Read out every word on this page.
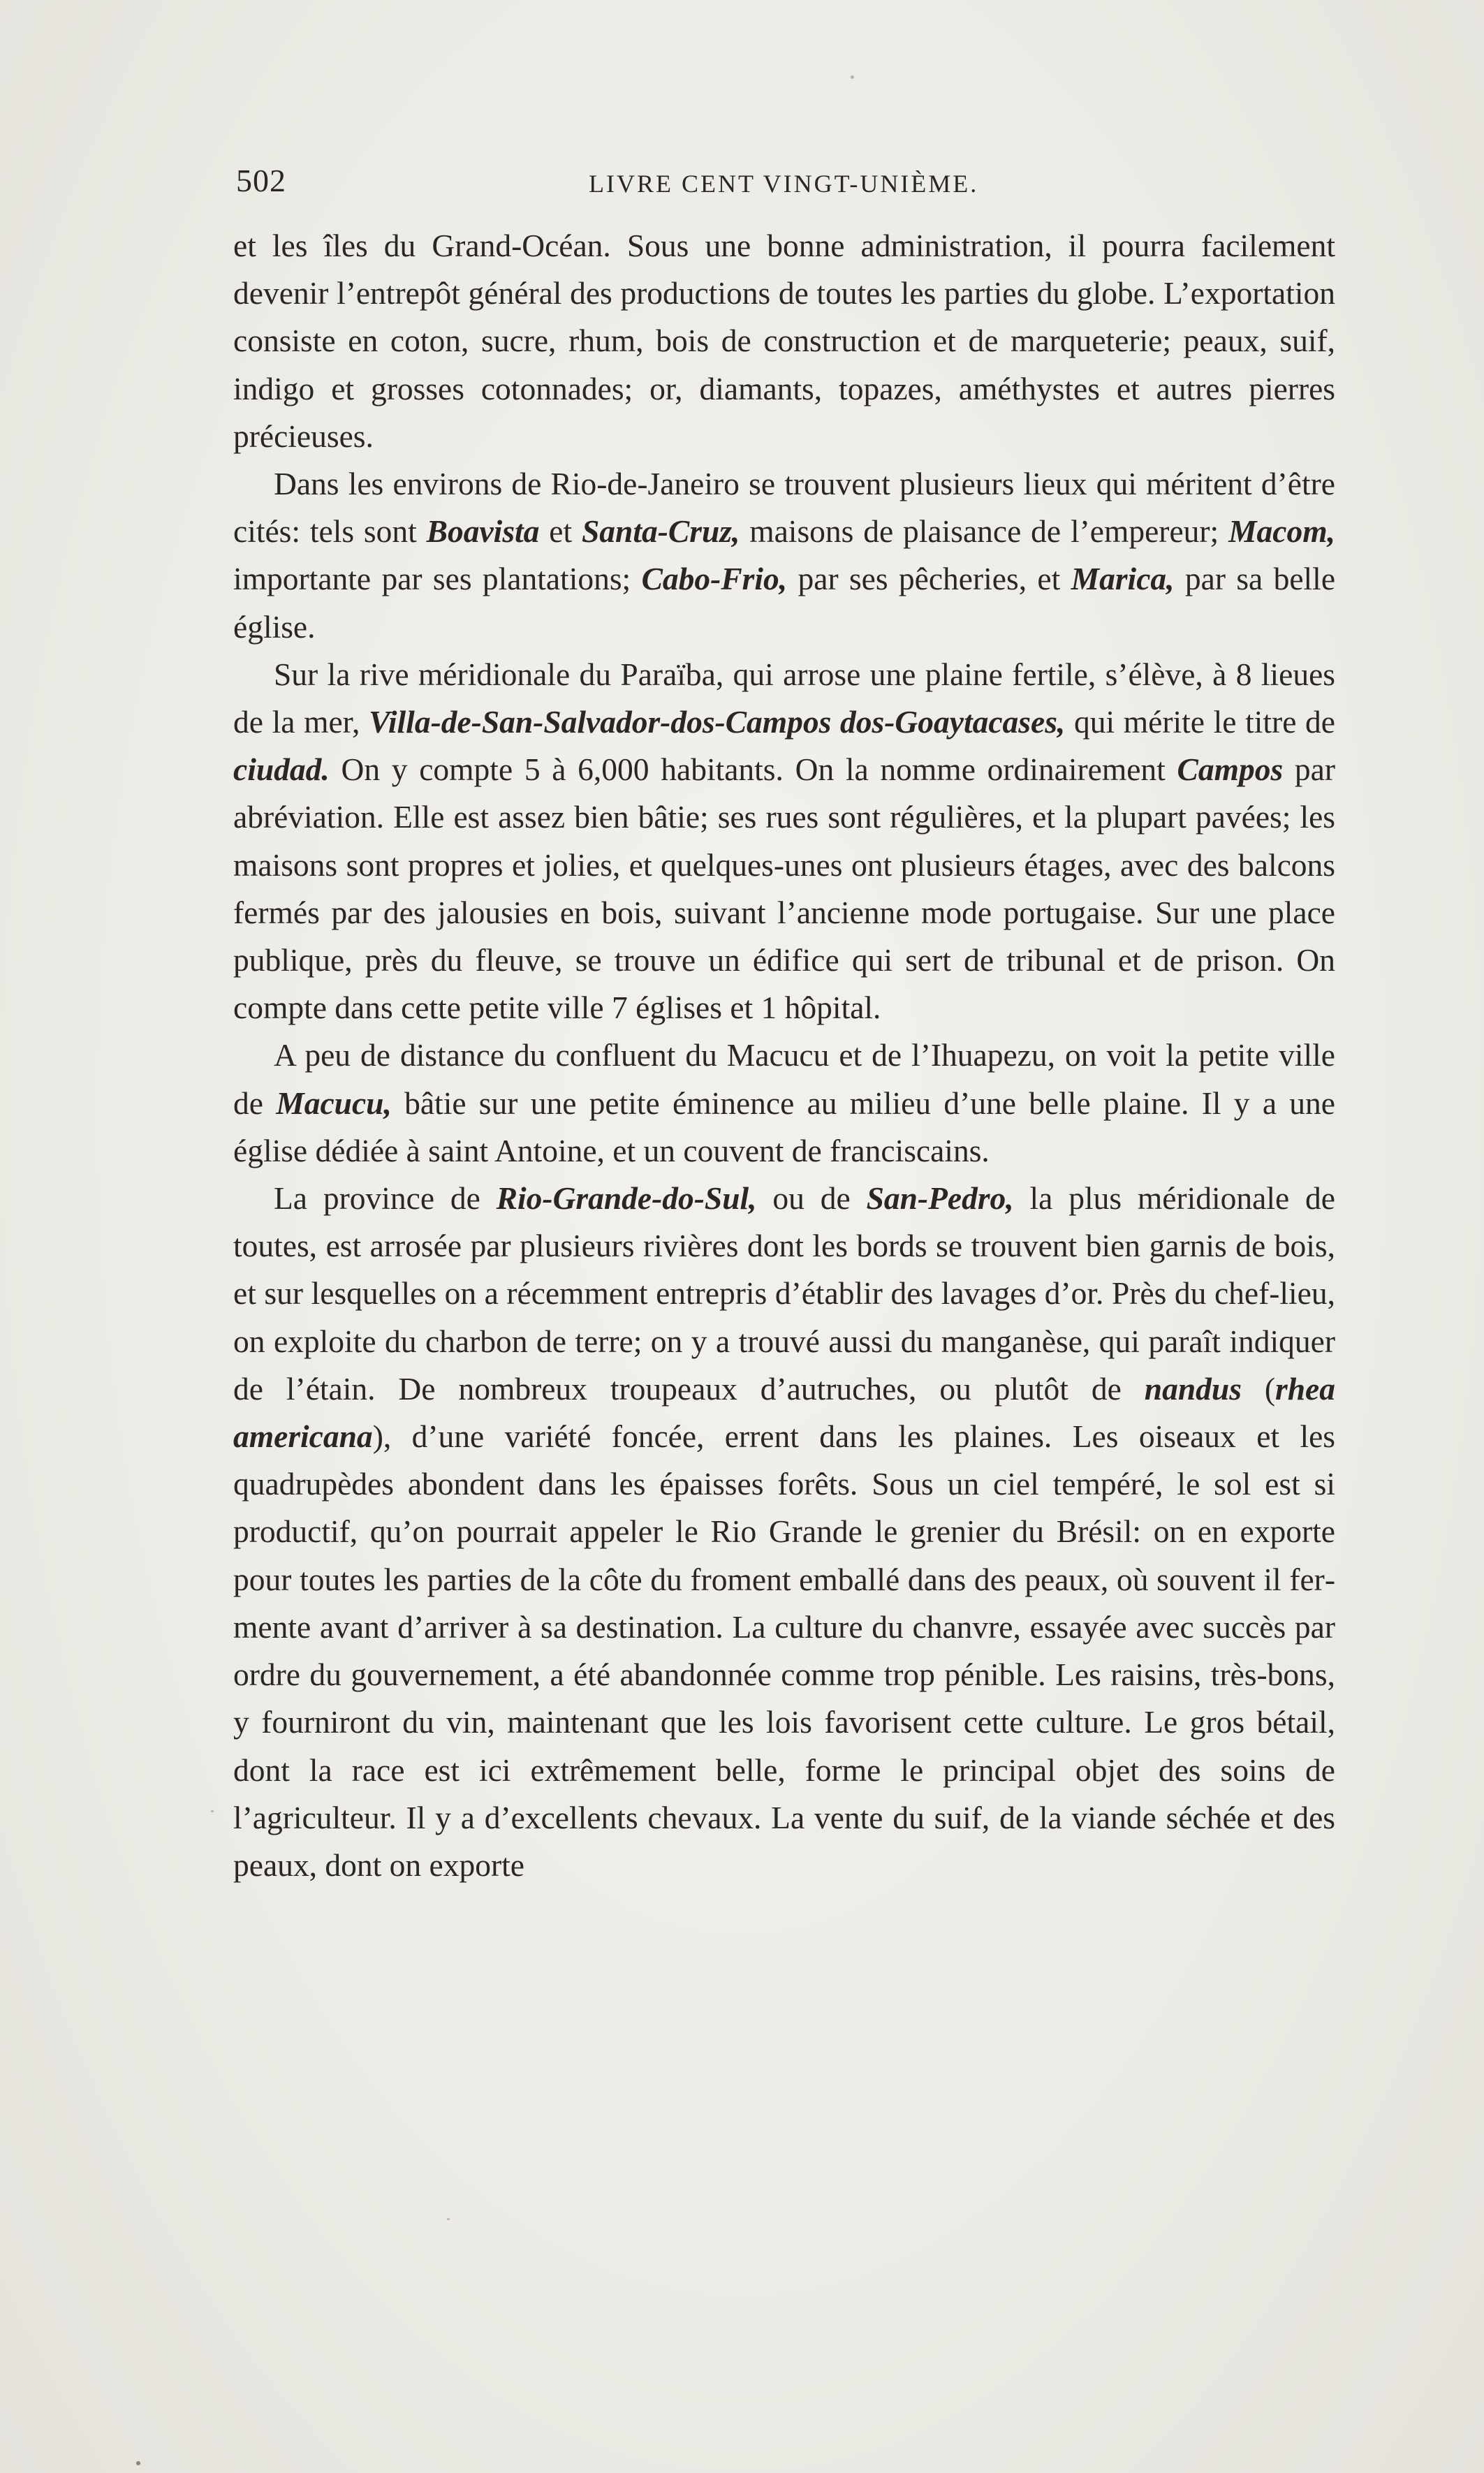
502	LIVRE CENT VINGT-UNIÈME.

et les îles du Grand-Océan. Sous une bonne administration, il pourra facilement devenir l’entrepôt général des productions de toutes les parties du globe. L’exportation consiste en coton, sucre, rhum, bois de construction et de marqueterie; peaux, suif, indigo et grosses cotonnades; or, diamants, topazes, améthystes et autres pierres précieuses.

Dans les environs de Rio-de-Janeiro se trouvent plusieurs lieux qui méritent d’être cités: tels sont Boavista et Santa-Cruz, maisons de plaisance de l’empereur; Macom, importante par ses plantations; Cabo-Frio, par ses pêcheries, et Marica, par sa belle église.

Sur la rive méridionale du Paraïba, qui arrose une plaine fertile, s’élève, à 8 lieues de la mer, Villa-de-San-Salvador-dos-Campos dos-Goaytacases, qui mérite le titre de ciudad. On y compte 5 à 6,000 habitants. On la nomme ordinairement Campos par abréviation. Elle est assez bien bâtie; ses rues sont régulières, et la plupart pavées; les maisons sont propres et jolies, et quelques-unes ont plusieurs étages, avec des balcons fermés par des jalousies en bois, suivant l’ancienne mode portugaise. Sur une place publique, près du fleuve, se trouve un édifice qui sert de tribunal et de prison. On compte dans cette petite ville 7 églises et 1 hôpital.

A peu de distance du confluent du Macucu et de l’Ihuapezu, on voit la petite ville de Macucu, bâtie sur une petite éminence au milieu d’une belle plaine. Il y a une église dédiée à saint Antoine, et un couvent de franciscains.

La province de Rio-Grande-do-Sul, ou de San-Pedro, la plus méridionale de toutes, est arrosée par plusieurs rivières dont les bords se trouvent bien garnis de bois, et sur lesquelles on a récemment entrepris d’établir des lavages d’or. Près du chef-lieu, on exploite du charbon de terre; on y a trouvé aussi du manganèse, qui paraît indiquer de l’étain. De nombreux troupeaux d’autruches, ou plutôt de nandus (rhea americana), d’une variété foncée, errent dans les plaines. Les oiseaux et les quadrupèdes abondent dans les épaisses forêts. Sous un ciel tempéré, le sol est si productif, qu’on pourrait appeler le Rio Grande le grenier du Brésil: on en exporte pour toutes les parties de la côte du froment emballé dans des peaux, où souvent il fermente avant d’arriver à sa destination. La culture du chanvre, essayée avec succès par ordre du gouvernement, a été abandonnée comme trop pénible. Les raisins, très-bons, y fourniront du vin, maintenant que les lois favorisent cette culture. Le gros bétail, dont la race est ici extrêmement belle, forme le principal objet des soins de l’agriculteur. Il y a d’excellents chevaux. La vente du suif, de la viande séchée et des peaux, dont on exporte
